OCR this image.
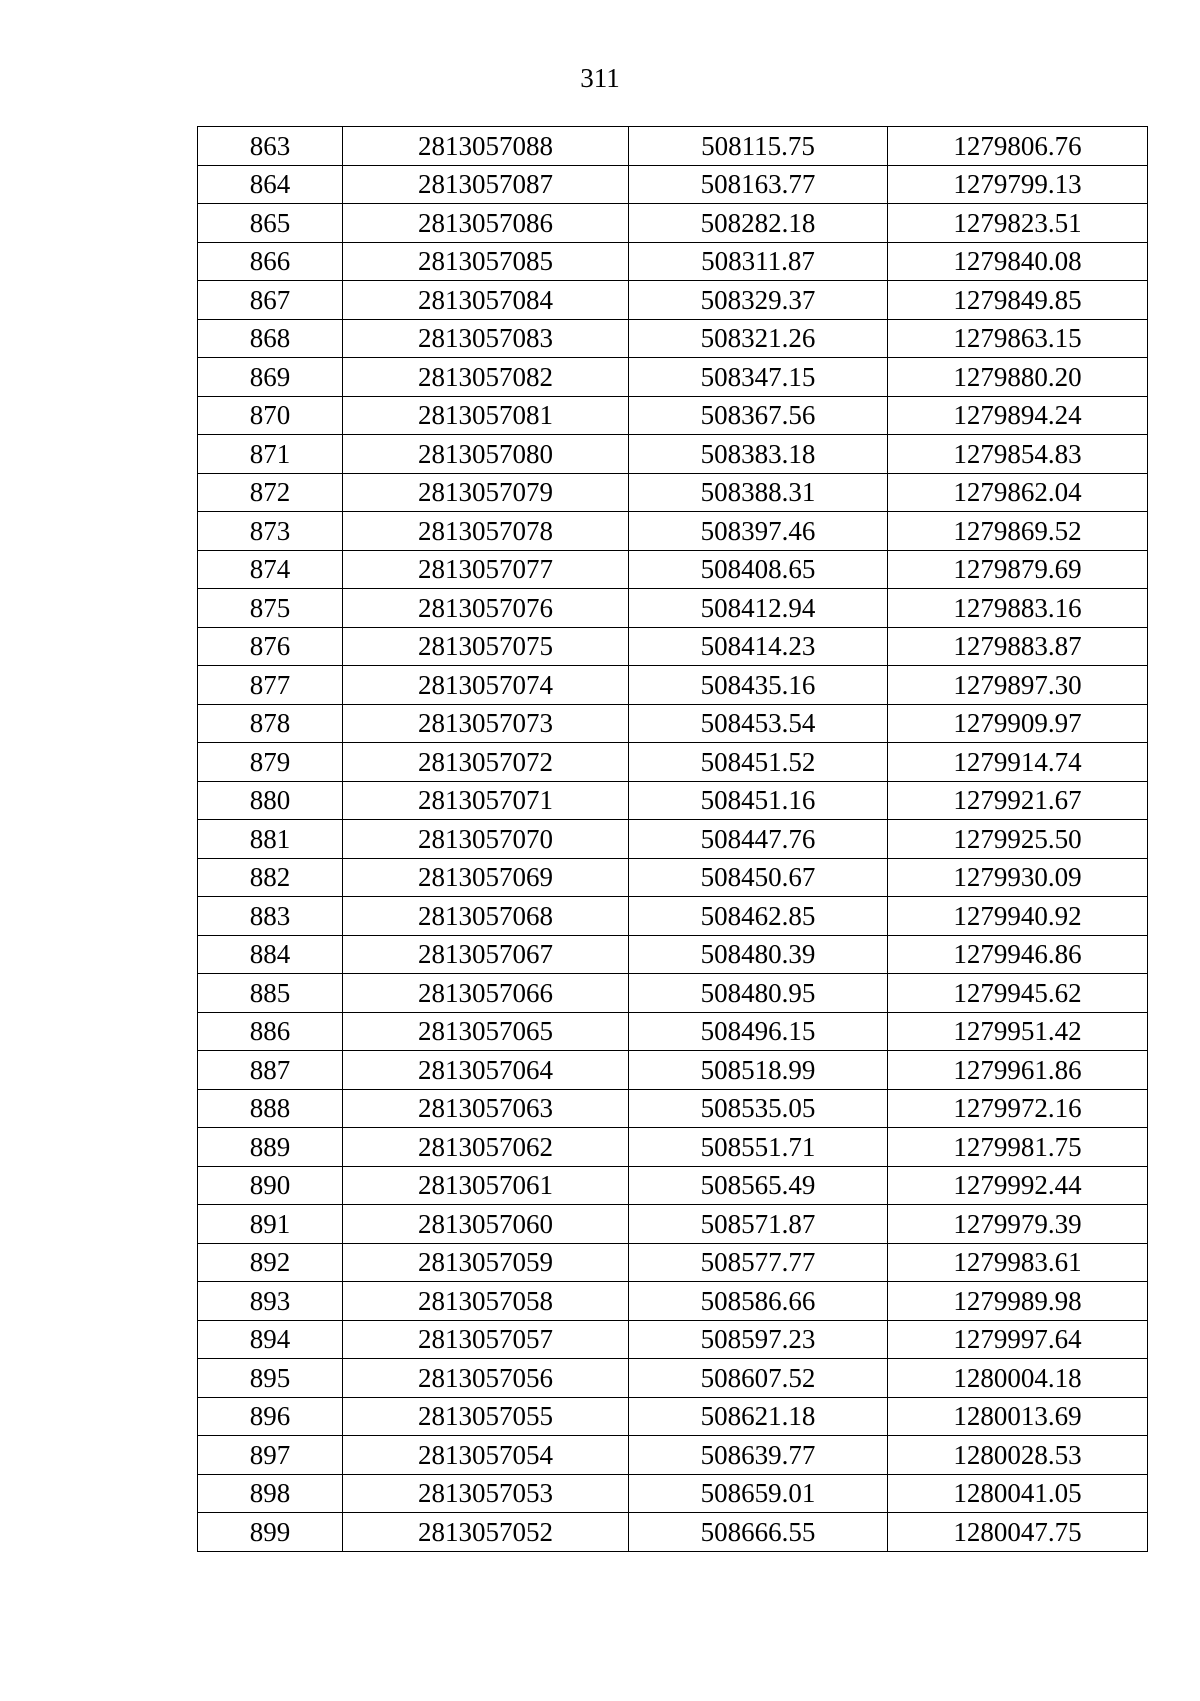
311
863	2813057088	508115.75	1279806.76
864	2813057087	508163.77	1279799.13
865	2813057086	508282.18	1279823.51
866	2813057085	508311.87	1279840.08
867	2813057084	508329.37	1279849.85
868	2813057083	508321.26	1279863.15
869	2813057082	508347.15	1279880.20
870	2813057081	508367.56	1279894.24
871	2813057080	508383.18	1279854.83
872	2813057079	508388.31	1279862.04
873	2813057078	508397.46	1279869.52
874	2813057077	508408.65	1279879.69
875	2813057076	508412.94	1279883.16
876	2813057075	508414.23	1279883.87
877	2813057074	508435.16	1279897.30
878	2813057073	508453.54	1279909.97
879	2813057072	508451.52	1279914.74
880	2813057071	508451.16	1279921.67
881	2813057070	508447.76	1279925.50
882	2813057069	508450.67	1279930.09
883	2813057068	508462.85	1279940.92
884	2813057067	508480.39	1279946.86
885	2813057066	508480.95	1279945.62
886	2813057065	508496.15	1279951.42
887	2813057064	508518.99	1279961.86
888	2813057063	508535.05	1279972.16
889	2813057062	508551.71	1279981.75
890	2813057061	508565.49	1279992.44
891	2813057060	508571.87	1279979.39
892	2813057059	508577.77	1279983.61
893	2813057058	508586.66	1279989.98
894	2813057057	508597.23	1279997.64
895	2813057056	508607.52	1280004.18
896	2813057055	508621.18	1280013.69
897	2813057054	508639.77	1280028.53
898	2813057053	508659.01	1280041.05
899	2813057052	508666.55	1280047.75
